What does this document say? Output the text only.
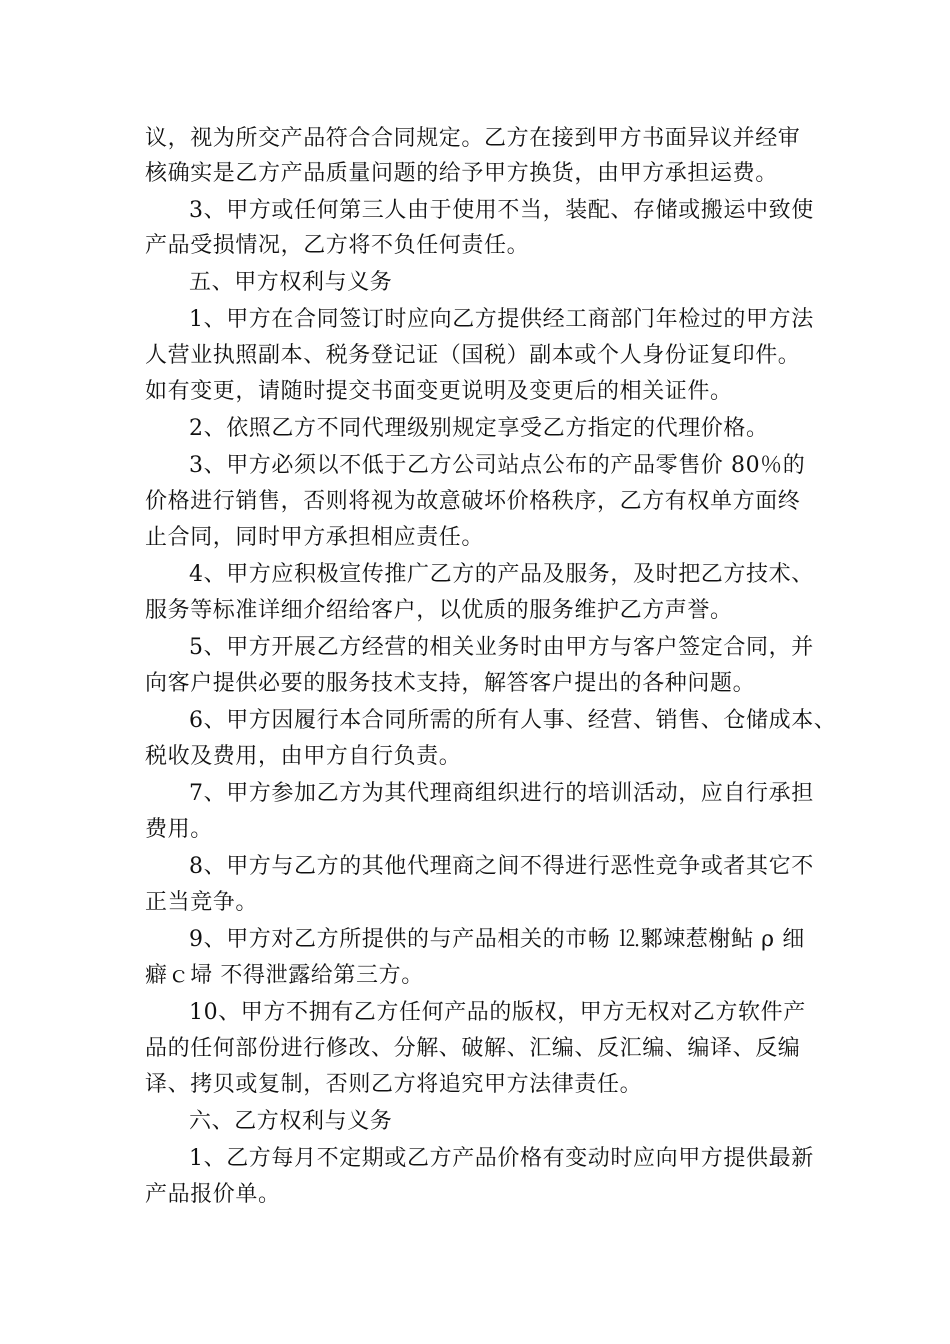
议，视为所交产品符合合同规定。乙方在接到甲方书面异议并经审
核确实是乙方产品质量问题的给予甲方换货，由甲方承担运费。
3、甲方或任何第三人由于使用不当，装配、存储或搬运中致使
产品受损情况，乙方将不负任何责任。
五、甲方权利与义务
1、甲方在合同签订时应向乙方提供经工商部门年检过的甲方法
人营业执照副本、税务登记证（国税）副本或个人身份证复印件。
如有变更，请随时提交书面变更说明及变更后的相关证件。
2、依照乙方不同代理级别规定享受乙方指定的代理价格。
3、甲方必须以不低于乙方公司站点公布的产品零售价 80％的
价格进行销售，否则将视为故意破坏价格秩序，乙方有权单方面终
止合同，同时甲方承担相应责任。
4、甲方应积极宣传推广乙方的产品及服务，及时把乙方技术、
服务等标准详细介绍给客户，以优质的服务维护乙方声誉。
5、甲方开展乙方经营的相关业务时由甲方与客户签定合同，并
向客户提供必要的服务技术支持，解答客户提出的各种问题。
6、甲方因履行本合同所需的所有人事、经营、销售、仓储成本、
税收及费用，由甲方自行负责。
7、甲方参加乙方为其代理商组织进行的培训活动，应自行承担
费用。
8、甲方与乙方的其他代理商之间不得进行恶性竞争或者其它不
正当竞争。
9、甲方对乙方所提供的与产品相关的市畅 ⒓鄹竦惹榭鲇 ρ 细
癖ｃ埽 不得泄露给第三方。
10、甲方不拥有乙方任何产品的版权，甲方无权对乙方软件产
品的任何部份进行修改、分解、破解、汇编、反汇编、编译、反编
译、拷贝或复制，否则乙方将追究甲方法律责任。
六、乙方权利与义务
1、乙方每月不定期或乙方产品价格有变动时应向甲方提供最新
产品报价单。
